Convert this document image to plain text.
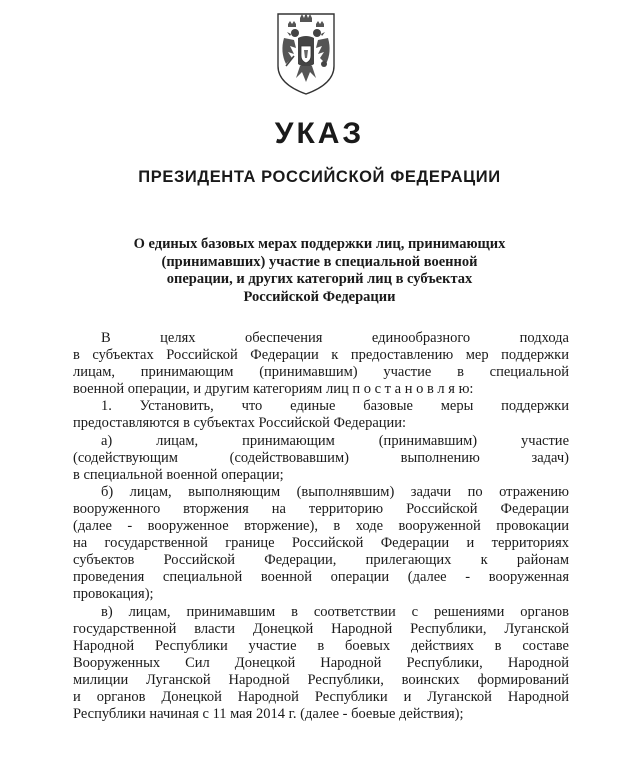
УКАЗ
ПРЕЗИДЕНТА РОССИЙСКОЙ ФЕДЕРАЦИИ
О единых базовых мерах поддержки лиц, принимающих
(принимавших) участие в специальной военной
операции, и других категорий лиц в субъектах
Российской Федерации
В целях обеспечения единообразного подхода
в субъектах Российской Федерации к предоставлению мер поддержки
лицам, принимающим (принимавшим) участие в специальной
военной операции, и другим категориям лиц п о с т а н о в л я ю:
1. Установить, что единые базовые меры поддержки
предоставляются в субъектах Российской Федерации:
а) лицам, принимающим (принимавшим) участие
(содействующим (содействовавшим) выполнению задач)
в специальной военной операции;
б) лицам, выполняющим (выполнявшим) задачи по отражению
вооруженного вторжения на территорию Российской Федерации
(далее - вооруженное вторжение), в ходе вооруженной провокации
на государственной границе Российской Федерации и территориях
субъектов Российской Федерации, прилегающих к районам
проведения специальной военной операции (далее - вооруженная
провокация);
в) лицам, принимавшим в соответствии с решениями органов
государственной власти Донецкой Народной Республики, Луганской
Народной Республики участие в боевых действиях в составе
Вооруженных Сил Донецкой Народной Республики, Народной
милиции Луганской Народной Республики, воинских формирований
и органов Донецкой Народной Республики и Луганской Народной
Республики начиная с 11 мая 2014 г. (далее - боевые действия);
